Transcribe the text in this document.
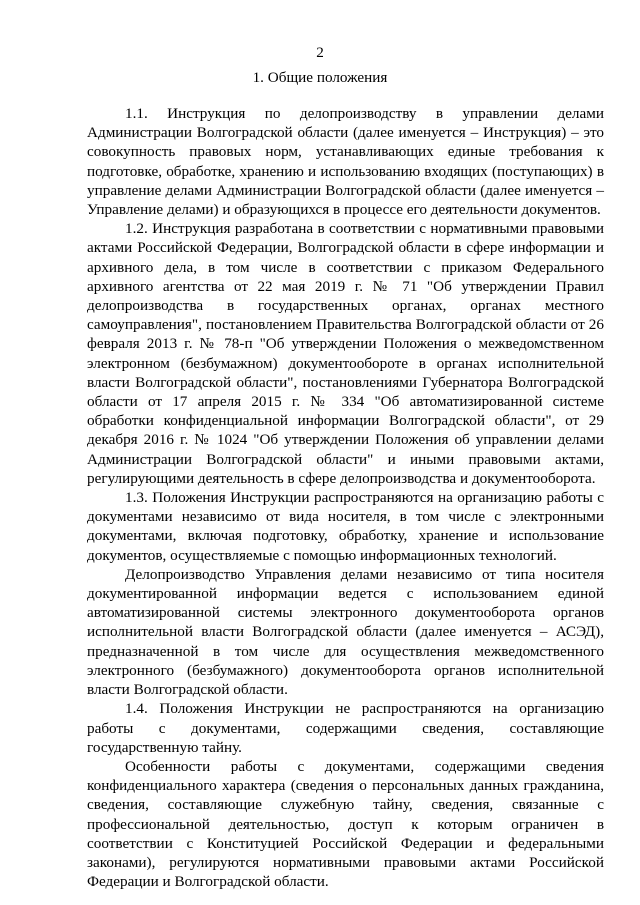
2
1. Общие положения

1.1. Инструкция по делопроизводству в управлении делами Администрации Волгоградской области (далее именуется – Инструкция) – это совокупность правовых норм, устанавливающих единые требования к подготовке, обработке, хранению и использованию входящих (поступающих) в управление делами Администрации Волгоградской области (далее именуется – Управление делами) и образующихся в процессе его деятельности документов.

1.2. Инструкция разработана в соответствии с нормативными правовыми актами Российской Федерации, Волгоградской области в сфере информации и архивного дела, в том числе в соответствии с приказом Федерального архивного агентства от 22 мая 2019 г. № 71 "Об утверждении Правил делопроизводства в государственных органах, органах местного самоуправления", постановлением Правительства Волгоградской области от 26 февраля 2013 г. № 78-п "Об утверждении Положения о межведомственном электронном (безбумажном) документообороте в органах исполнительной власти Волгоградской области", постановлениями Губернатора Волгоградской области от 17 апреля 2015 г. № 334 "Об автоматизированной системе обработки конфиденциальной информации Волгоградской области", от 29 декабря 2016 г. № 1024 "Об утверждении Положения об управлении делами Администрации Волгоградской области" и иными правовыми актами, регулирующими деятельность в сфере делопроизводства и документооборота.

1.3. Положения Инструкции распространяются на организацию работы с документами независимо от вида носителя, в том числе с электронными документами, включая подготовку, обработку, хранение и использование документов, осуществляемые с помощью информационных технологий.

Делопроизводство Управления делами независимо от типа носителя документированной информации ведется с использованием единой автоматизированной системы электронного документооборота органов исполнительной власти Волгоградской области (далее именуется – АСЭД), предназначенной в том числе для осуществления межведомственного электронного (безбумажного) документооборота органов исполнительной власти Волгоградской области.

1.4. Положения Инструкции не распространяются на организацию работы с документами, содержащими сведения, составляющие государственную тайну.

Особенности работы с документами, содержащими сведения конфиденциального характера (сведения о персональных данных гражданина, сведения, составляющие служебную тайну, сведения, связанные с профессиональной деятельностью, доступ к которым ограничен в соответствии с Конституцией Российской Федерации и федеральными законами), регулируются нормативными правовыми актами Российской Федерации и Волгоградской области.
